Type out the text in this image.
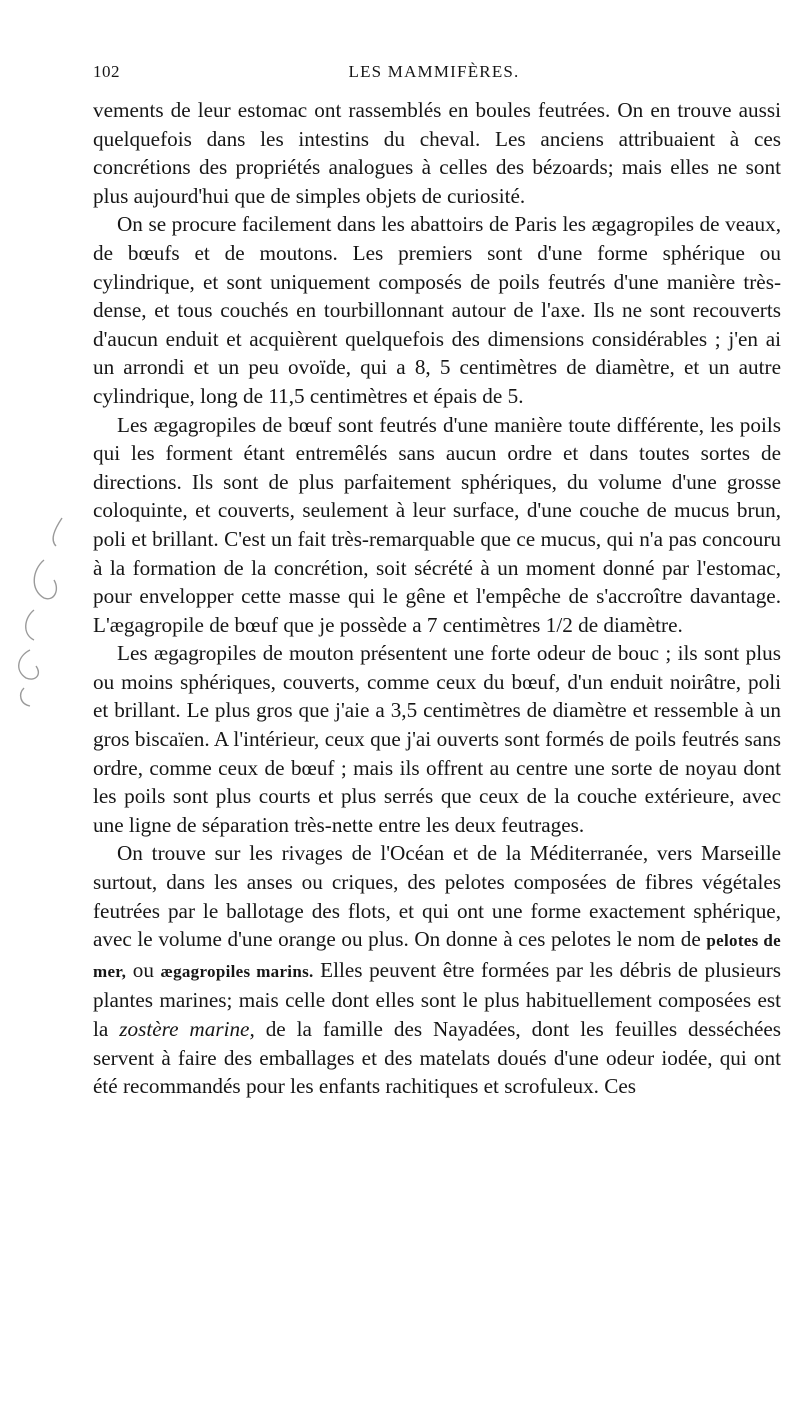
102	LES MAMMIFÈRES.

vements de leur estomac ont rassemblés en boules feutrées. On en trouve aussi quelquefois dans les intestins du cheval. Les anciens attribuaient à ces concrétions des propriétés analogues à celles des bézoards; mais elles ne sont plus aujourd'hui que de simples objets de curiosité.

On se procure facilement dans les abattoirs de Paris les ægagropiles de veaux, de bœufs et de moutons. Les premiers sont d'une forme sphérique ou cylindrique, et sont uniquement composés de poils feutrés d'une manière très-dense, et tous couchés en tourbillonnant autour de l'axe. Ils ne sont recouverts d'aucun enduit et acquièrent quelquefois des dimensions considérables ; j'en ai un arrondi et un peu ovoïde, qui a 8, 5 centimètres de diamètre, et un autre cylindrique, long de 11,5 centimètres et épais de 5.

Les ægagropiles de bœuf sont feutrés d'une manière toute différente, les poils qui les forment étant entremêlés sans aucun ordre et dans toutes sortes de directions. Ils sont de plus parfaitement sphériques, du volume d'une grosse coloquinte, et couverts, seulement à leur surface, d'une couche de mucus brun, poli et brillant. C'est un fait très-remarquable que ce mucus, qui n'a pas concouru à la formation de la concrétion, soit sécrété à un moment donné par l'estomac, pour envelopper cette masse qui le gêne et l'empêche de s'accroître davantage. L'ægagropile de bœuf que je possède a 7 centimètres 1/2 de diamètre.

Les ægagropiles de mouton présentent une forte odeur de bouc ; ils sont plus ou moins sphériques, couverts, comme ceux du bœuf, d'un enduit noirâtre, poli et brillant. Le plus gros que j'aie a 3,5 centimètres de diamètre et ressemble à un gros biscaïen. A l'intérieur, ceux que j'ai ouverts sont formés de poils feutrés sans ordre, comme ceux de bœuf ; mais ils offrent au centre une sorte de noyau dont les poils sont plus courts et plus serrés que ceux de la couche extérieure, avec une ligne de séparation très-nette entre les deux feutrages.

On trouve sur les rivages de l'Océan et de la Méditerranée, vers Marseille surtout, dans les anses ou criques, des pelotes composées de fibres végétales feutrées par le ballotage des flots, et qui ont une forme exactement sphérique, avec le volume d'une orange ou plus. On donne à ces pelotes le nom de pelotes de mer, ou ægagropiles marins. Elles peuvent être formées par les débris de plusieurs plantes marines; mais celle dont elles sont le plus habituellement composées est la zostère marine, de la famille des Nayadées, dont les feuilles desséchées servent à faire des emballages et des matelats doués d'une odeur iodée, qui ont été recommandés pour les enfants rachitiques et scrofuleux. Ces
